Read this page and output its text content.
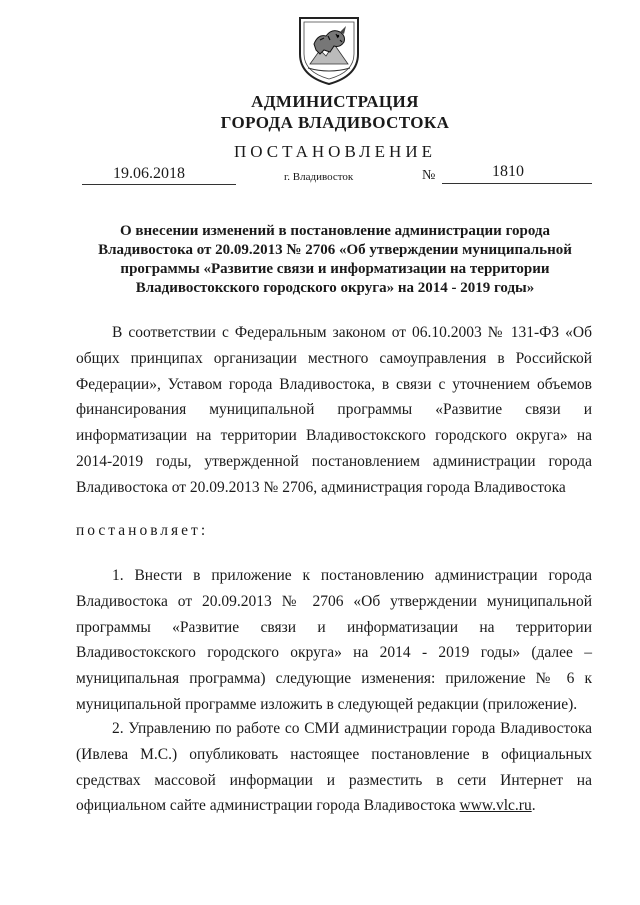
АДМИНИСТРАЦИЯ
ГОРОДА ВЛАДИВОСТОКА
ПОСТАНОВЛЕНИЕ
19.06.2018	г. Владивосток	№	1810
О внесении изменений в постановление администрации города Владивостока от 20.09.2013 № 2706 «Об утверждении муниципальной программы «Развитие связи и информатизации на территории Владивостокского городского округа» на 2014 - 2019 годы»
В соответствии с Федеральным законом от 06.10.2003 № 131-ФЗ «Об общих принципах организации местного самоуправления в Российской Федерации», Уставом города Владивостока, в связи с уточнением объемов финансирования муниципальной программы «Развитие связи и информатизации на территории Владивостокского городского округа» на 2014-2019 годы, утвержденной постановлением администрации города Владивостока от 20.09.2013 № 2706, администрация города Владивостока
постановляет:
1. Внести в приложение к постановлению администрации города Владивостока от 20.09.2013 № 2706 «Об утверждении муниципальной программы «Развитие связи и информатизации на территории Владивостокского городского округа» на 2014 - 2019 годы» (далее – муниципальная программа) следующие изменения: приложение № 6 к муниципальной программе изложить в следующей редакции (приложение).
2. Управлению по работе со СМИ администрации города Владивостока (Ивлева М.С.) опубликовать настоящее постановление в официальных средствах массовой информации и разместить в сети Интернет на официальном сайте администрации города Владивостока www.vlc.ru.
